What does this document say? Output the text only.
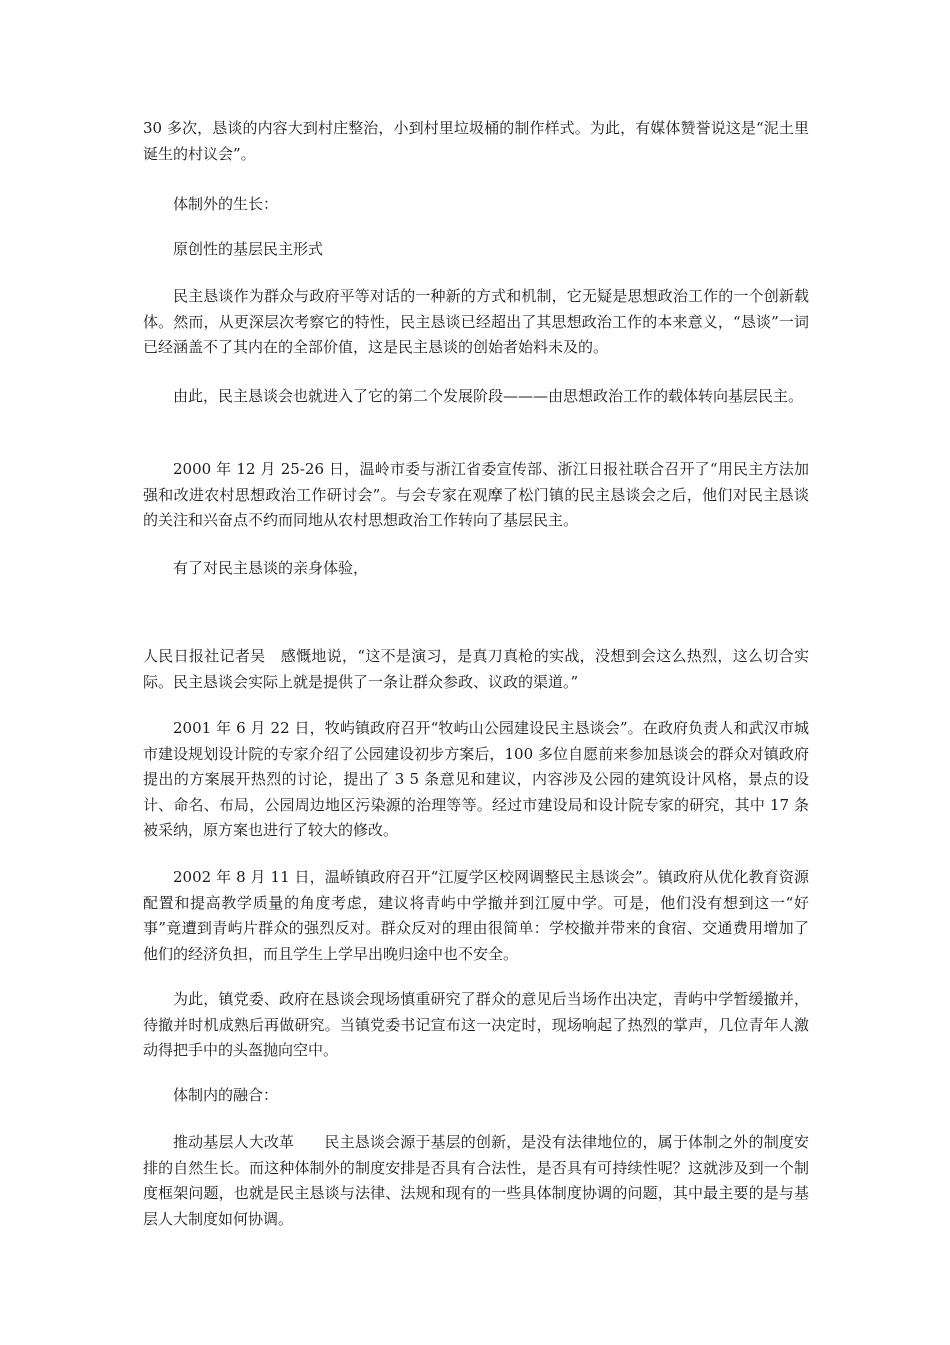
30 多次，恳谈的内容大到村庄整治，小到村里垃圾桶的制作样式。为此，有媒体赞誉说这是“泥土里诞生的村议会”。

体制外的生长：

原创性的基层民主形式

民主恳谈作为群众与政府平等对话的一种新的方式和机制，它无疑是思想政治工作的一个创新载体。然而，从更深层次考察它的特性，民主恳谈已经超出了其思想政治工作的本来意义，“恳谈”一词已经涵盖不了其内在的全部价值，这是民主恳谈的创始者始料未及的。

由此，民主恳谈会也就进入了它的第二个发展阶段———由思想政治工作的载体转向基层民主。

2000 年 12 月 25-26 日，温岭市委与浙江省委宣传部、浙江日报社联合召开了“用民主方法加强和改进农村思想政治工作研讨会”。与会专家在观摩了松门镇的民主恳谈会之后，他们对民主恳谈的关注和兴奋点不约而同地从农村思想政治工作转向了基层民主。

有了对民主恳谈的亲身体验，

人民日报社记者吴　感慨地说，“这不是演习，是真刀真枪的实战，没想到会这么热烈，这么切合实际。民主恳谈会实际上就是提供了一条让群众参政、议政的渠道。”

2001 年 6 月 22 日，牧屿镇政府召开“牧屿山公园建设民主恳谈会”。在政府负责人和武汉市城市建设规划设计院的专家介绍了公园建设初步方案后，100 多位自愿前来参加恳谈会的群众对镇政府提出的方案展开热烈的讨论，提出了 3 5 条意见和建议，内容涉及公园的建筑设计风格，景点的设计、命名、布局，公园周边地区污染源的治理等等。经过市建设局和设计院专家的研究，其中 17 条被采纳，原方案也进行了较大的修改。

2002 年 8 月 11 日，温峤镇政府召开“江厦学区校网调整民主恳谈会”。镇政府从优化教育资源配置和提高教学质量的角度考虑，建议将青屿中学撤并到江厦中学。可是，他们没有想到这一“好事”竟遭到青屿片群众的强烈反对。群众反对的理由很简单：学校撤并带来的食宿、交通费用增加了他们的经济负担，而且学生上学早出晚归途中也不安全。

为此，镇党委、政府在恳谈会现场慎重研究了群众的意见后当场作出决定，青屿中学暂缓撤并，待撤并时机成熟后再做研究。当镇党委书记宣布这一决定时，现场响起了热烈的掌声，几位青年人激动得把手中的头盔抛向空中。

体制内的融合：

推动基层人大改革　　民主恳谈会源于基层的创新，是没有法律地位的，属于体制之外的制度安排的自然生长。而这种体制外的制度安排是否具有合法性，是否具有可持续性呢？这就涉及到一个制度框架问题，也就是民主恳谈与法律、法规和现有的一些具体制度协调的问题，其中最主要的是与基层人大制度如何协调。
